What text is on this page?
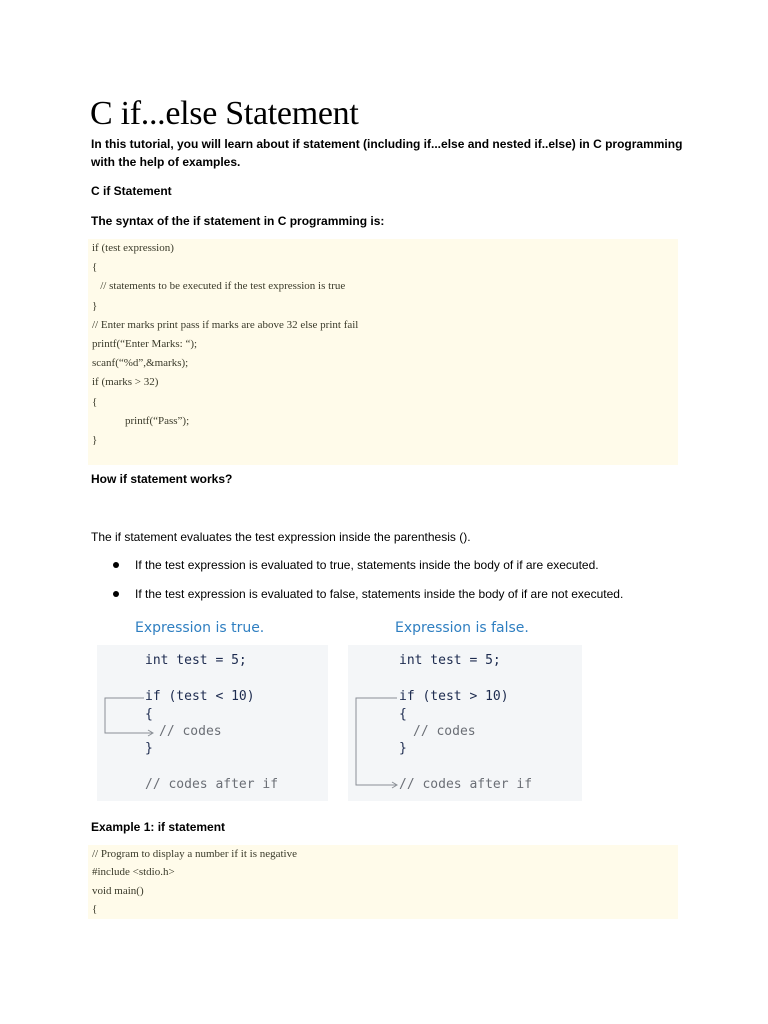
C if...else Statement

In this tutorial, you will learn about if statement (including if...else and nested if..else) in C programming with the help of examples.

C if Statement

The syntax of the if statement in C programming is:

if (test expression)
{
// statements to be executed if the test expression is true
}
// Enter marks print pass if marks are above 32 else print fail
printf(“Enter Marks: “);
scanf(“%d”,&marks);
if (marks > 32)
{
printf(“Pass”);
}

How if statement works?

The if statement evaluates the test expression inside the parenthesis ().

If the test expression is evaluated to true, statements inside the body of if are executed.
If the test expression is evaluated to false, statements inside the body of if are not executed.
Expression is true.
int test = 5;
if (test < 10)
{
// codes
}
// codes after if
Expression is false.
int test = 5;
if (test > 10)
{
// codes
}
// codes after if

Example 1: if statement

// Program to display a number if it is negative
#include <stdio.h>
void main()
{
